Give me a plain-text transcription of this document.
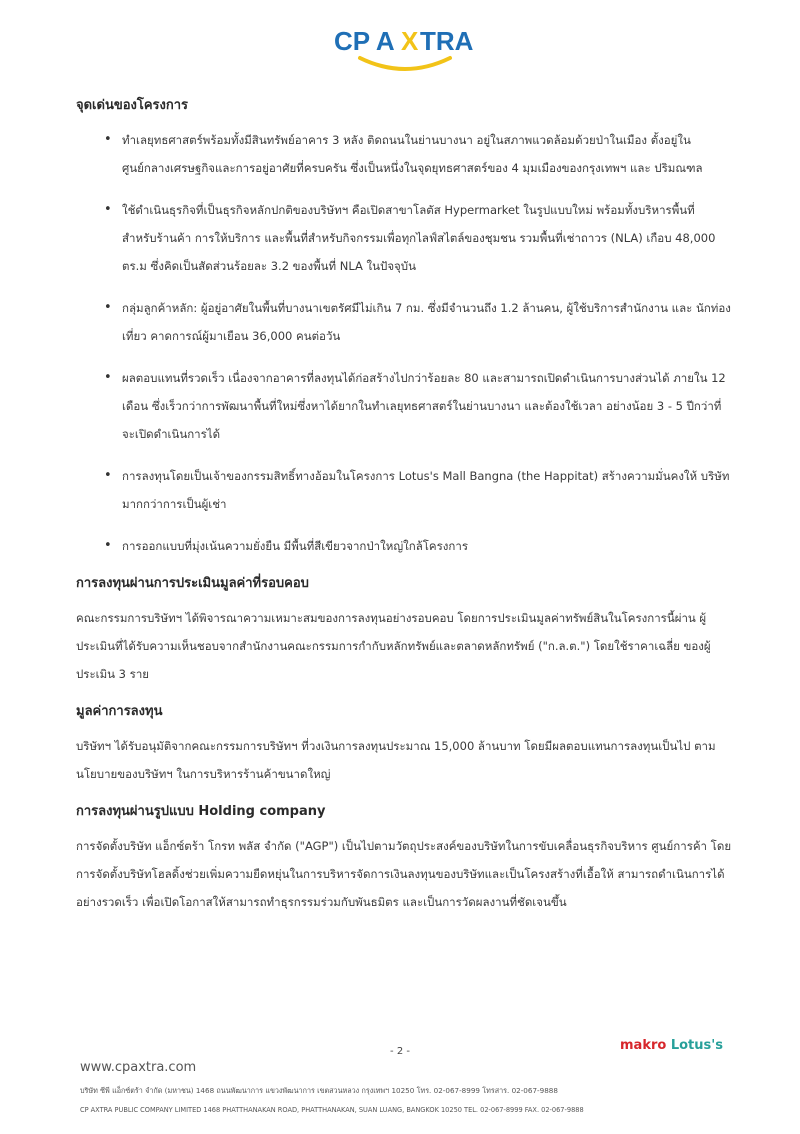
CP A X TRA
จุดเด่นของโครงการ
• ทำเลยุทธศาสตร์พร้อมทั้งมีสินทรัพย์อาคาร 3 หลัง ติดถนนในย่านบางนา อยู่ในสภาพแวดล้อมด้วยป่าในเมือง ตั้งอยู่ใน ศูนย์กลางเศรษฐกิจและการอยู่อาศัยที่ครบครัน ซึ่งเป็นหนึ่งในจุดยุทธศาสตร์ของ 4 มุมเมืองของกรุงเทพฯ และ ปริมณฑล
• ใช้ดำเนินธุรกิจที่เป็นธุรกิจหลักปกติของบริษัทฯ คือเปิดสาขาโลตัส Hypermarket ในรูปแบบใหม่ พร้อมทั้งบริหารพื้นที่ สำหรับร้านค้า การให้บริการ และพื้นที่สำหรับกิจกรรมเพื่อทุกไลฟ์สไตล์ของชุมชน รวมพื้นที่เช่าถาวร (NLA) เกือบ 48,000 ตร.ม ซึ่งคิดเป็นสัดส่วนร้อยละ 3.2 ของพื้นที่ NLA ในปัจจุบัน
• กลุ่มลูกค้าหลัก: ผู้อยู่อาศัยในพื้นที่บางนาเขตรัศมีไม่เกิน 7 กม. ซึ่งมีจำนวนถึง 1.2 ล้านคน, ผู้ใช้บริการสำนักงาน และ นักท่องเที่ยว คาดการณ์ผู้มาเยือน 36,000 คนต่อวัน
• ผลตอบแทนที่รวดเร็ว เนื่องจากอาคารที่ลงทุนได้ก่อสร้างไปกว่าร้อยละ 80 และสามารถเปิดดำเนินการบางส่วนได้ ภายใน 12 เดือน ซึ่งเร็วกว่าการพัฒนาพื้นที่ใหม่ซึ่งหาได้ยากในทำเลยุทธศาสตร์ในย่านบางนา และต้องใช้เวลา อย่างน้อย 3 - 5 ปีกว่าที่จะเปิดดำเนินการได้
• การลงทุนโดยเป็นเจ้าของกรรมสิทธิ์ทางอ้อมในโครงการ Lotus's Mall Bangna (the Happitat) สร้างความมั่นคงให้ บริษัทมากกว่าการเป็นผู้เช่า
• การออกแบบที่มุ่งเน้นความยั่งยืน มีพื้นที่สีเขียวจากป่าใหญ่ใกล้โครงการ
การลงทุนผ่านการประเมินมูลค่าที่รอบคอบ

คณะกรรมการบริษัทฯ ได้พิจารณาความเหมาะสมของการลงทุนอย่างรอบคอบ โดยการประเมินมูลค่าทรัพย์สินในโครงการนี้ผ่าน ผู้ประเมินที่ได้รับความเห็นชอบจากสำนักงานคณะกรรมการกำกับหลักทรัพย์และตลาดหลักทรัพย์ ("ก.ล.ต.") โดยใช้ราคาเฉลี่ย ของผู้ประเมิน 3 ราย

มูลค่าการลงทุน

บริษัทฯ ได้รับอนุมัติจากคณะกรรมการบริษัทฯ ที่วงเงินการลงทุนประมาณ 15,000 ล้านบาท โดยมีผลตอบแทนการลงทุนเป็นไป ตามนโยบายของบริษัทฯ ในการบริหารร้านค้าขนาดใหญ่

การลงทุนผ่านรูปแบบ Holding company

การจัดตั้งบริษัท แอ็กซ์ตร้า โกรท พลัส จำกัด ("AGP") เป็นไปตามวัตถุประสงค์ของบริษัทในการขับเคลื่อนธุรกิจบริหาร ศูนย์การค้า โดยการจัดตั้งบริษัทโฮลดิ้งช่วยเพิ่มความยืดหยุ่นในการบริหารจัดการเงินลงทุนของบริษัทและเป็นโครงสร้างที่เอื้อให้ สามารถดำเนินการได้อย่างรวดเร็ว เพื่อเปิดโอกาสให้สามารถทำธุรกรรมร่วมกับพันธมิตร และเป็นการวัดผลงานที่ชัดเจนขึ้น

- 2 -	makro Lotus's
www.cpaxtra.com
บริษัท ซีพี แอ็กซ์ตร้า จำกัด (มหาชน) 1468 ถนนพัฒนาการ แขวงพัฒนาการ เขตสวนหลวง กรุงเทพฯ 10250 โทร. 02-067-8999 โทรสาร. 02-067-9888
CP AXTRA PUBLIC COMPANY LIMITED 1468 PHATTHANAKAN ROAD, PHATTHANAKAN, SUAN LUANG, BANGKOK 10250 TEL. 02-067-8999 FAX. 02-067-9888
